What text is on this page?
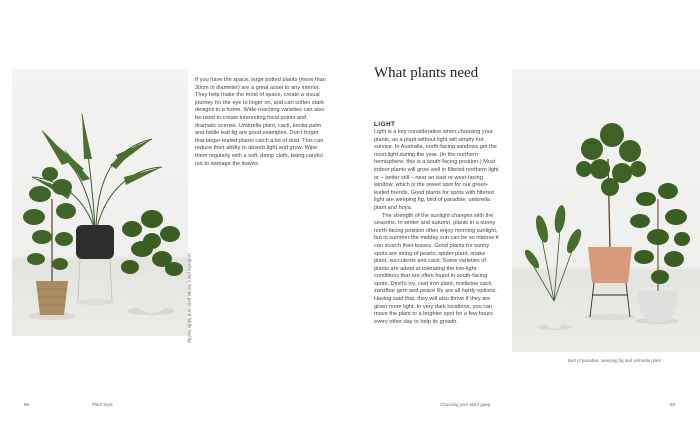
Umbrella plant, kentia palm and fiddle leaf fig
If you have the space, large potted plants (more than 30cm in diameter) are a great asset to any interior. They help make the most of space, create a visual journey for the eye to linger on, and can soften stark designs in a home. Wide-reaching varieties can also be used to create interesting focal points and dramatic scenes. Umbrella plant, cacti, kentia palm and fiddle leaf fig are good examples. Don't forget that larger-leafed plants catch a lot of dust. This can reduce their ability to absorb light and grow. Wipe them regularly with a soft, damp cloth, being careful not to damage the leaves.
What plants need
LIGHT

Light is a key consideration when choosing your plants, as a plant without light will simply not survive. In Australia, north-facing windows get the most light during the year. (In the northern hemisphere, this is a south-facing position.) Most indoor plants will grow well in filtered northern light or – better still – near an east or west-facing window, which is the sweet spot for our green-leafed friends. Good plants for spots with filtered light are weeping fig, bird of paradise, umbrella plant and hoya.

The strength of the sunlight changes with the seasons. In winter and autumn, plants in a sunny north-facing position often enjoy morning sunlight, but in summer the midday sun can be so intense it can scorch their leaves. Good plants for sunny spots are string of pearls, spider plant, snake plant, succulents and cacti. Some varieties of plants are adept at tolerating the low-light conditions that are often found in south-facing spots. Devil's ivy, cast iron plant, mistletoe cacti, zanzibar gem and peace lily are all hardy options. Having said that, they will also thrive if they are given more light. In very dark locations, you can move the plant to a brighter spot for a few hours every other day to help its growth.

Bird of paradise, weeping fig and umbrella plant
96	Plant Style	Choosing your plant gang	99
